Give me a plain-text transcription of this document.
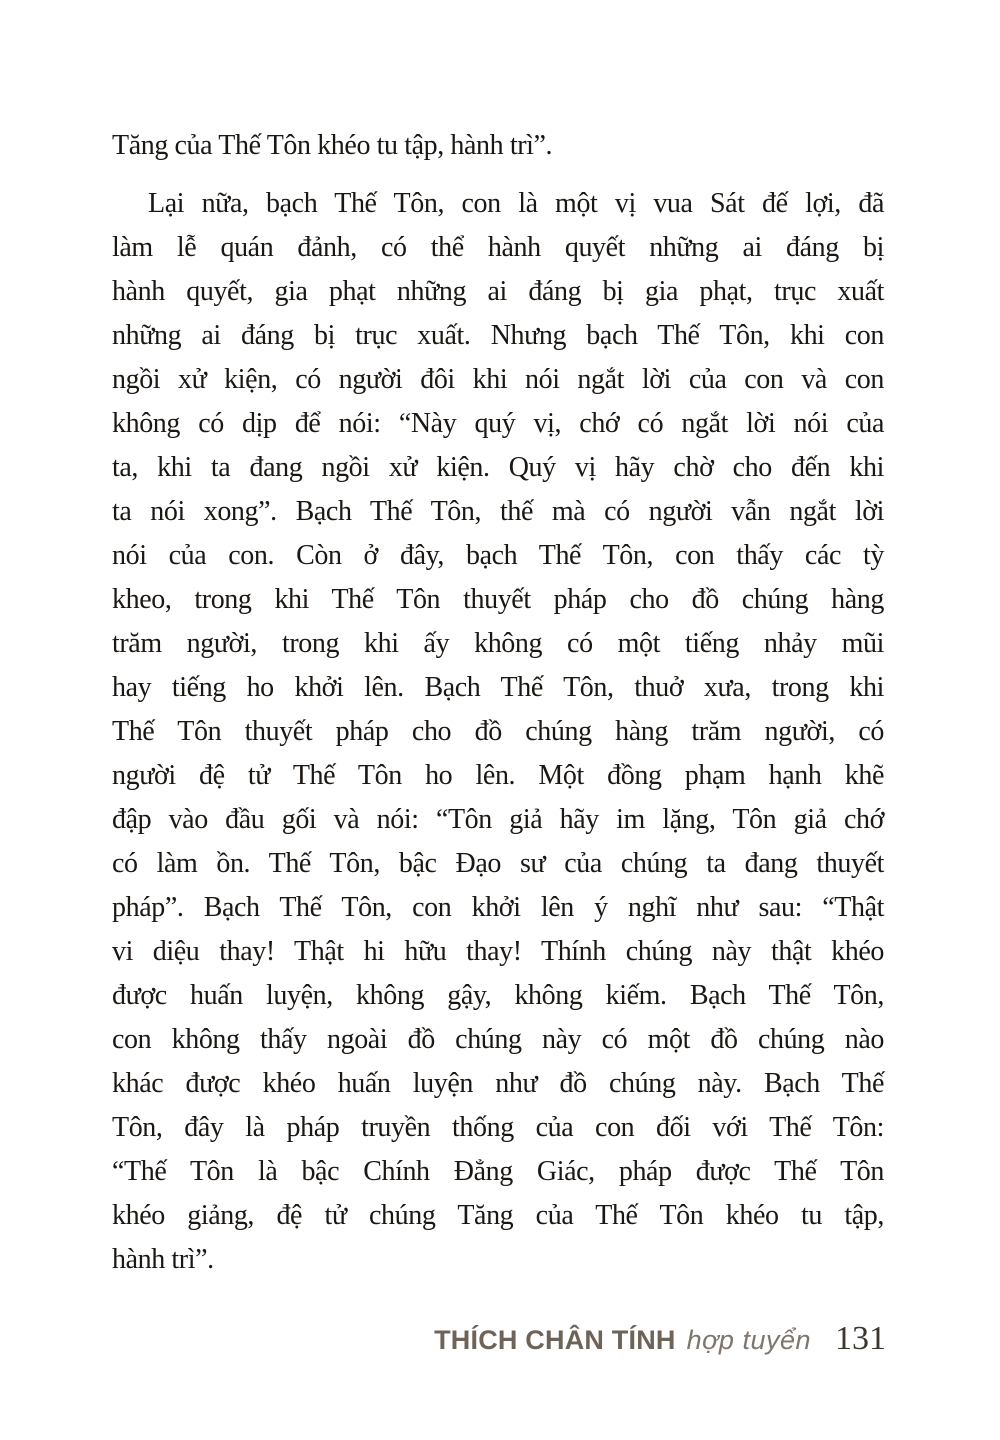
Tăng của Thế Tôn khéo tu tập, hành trì”.
Lại nữa, bạch Thế Tôn, con là một vị vua Sát đế lợi, đã
làm lễ quán đảnh, có thể hành quyết những ai đáng bị
hành quyết, gia phạt những ai đáng bị gia phạt, trục xuất
những ai đáng bị trục xuất. Nhưng bạch Thế Tôn, khi con
ngồi xử kiện, có người đôi khi nói ngắt lời của con và con
không có dịp để nói: “Này quý vị, chớ có ngắt lời nói của
ta, khi ta đang ngồi xử kiện. Quý vị hãy chờ cho đến khi
ta nói xong”. Bạch Thế Tôn, thế mà có người vẫn ngắt lời
nói của con. Còn ở đây, bạch Thế Tôn, con thấy các tỳ
kheo, trong khi Thế Tôn thuyết pháp cho đồ chúng hàng
trăm người, trong khi ấy không có một tiếng nhảy mũi
hay tiếng ho khởi lên. Bạch Thế Tôn, thuở xưa, trong khi
Thế Tôn thuyết pháp cho đồ chúng hàng trăm người, có
người đệ tử Thế Tôn ho lên. Một đồng phạm hạnh khẽ
đập vào đầu gối và nói: “Tôn giả hãy im lặng, Tôn giả chớ
có làm ồn. Thế Tôn, bậc Đạo sư của chúng ta đang thuyết
pháp”. Bạch Thế Tôn, con khởi lên ý nghĩ như sau: “Thật
vi diệu thay! Thật hi hữu thay! Thính chúng này thật khéo
được huấn luyện, không gậy, không kiếm. Bạch Thế Tôn,
con không thấy ngoài đồ chúng này có một đồ chúng nào
khác được khéo huấn luyện như đồ chúng này. Bạch Thế
Tôn, đây là pháp truyền thống của con đối với Thế Tôn:
“Thế Tôn là bậc Chính Đẳng Giác, pháp được Thế Tôn
khéo giảng, đệ tử chúng Tăng của Thế Tôn khéo tu tập,
hành trì”.
THÍCH CHÂN TÍNH hợp tuyển 131
